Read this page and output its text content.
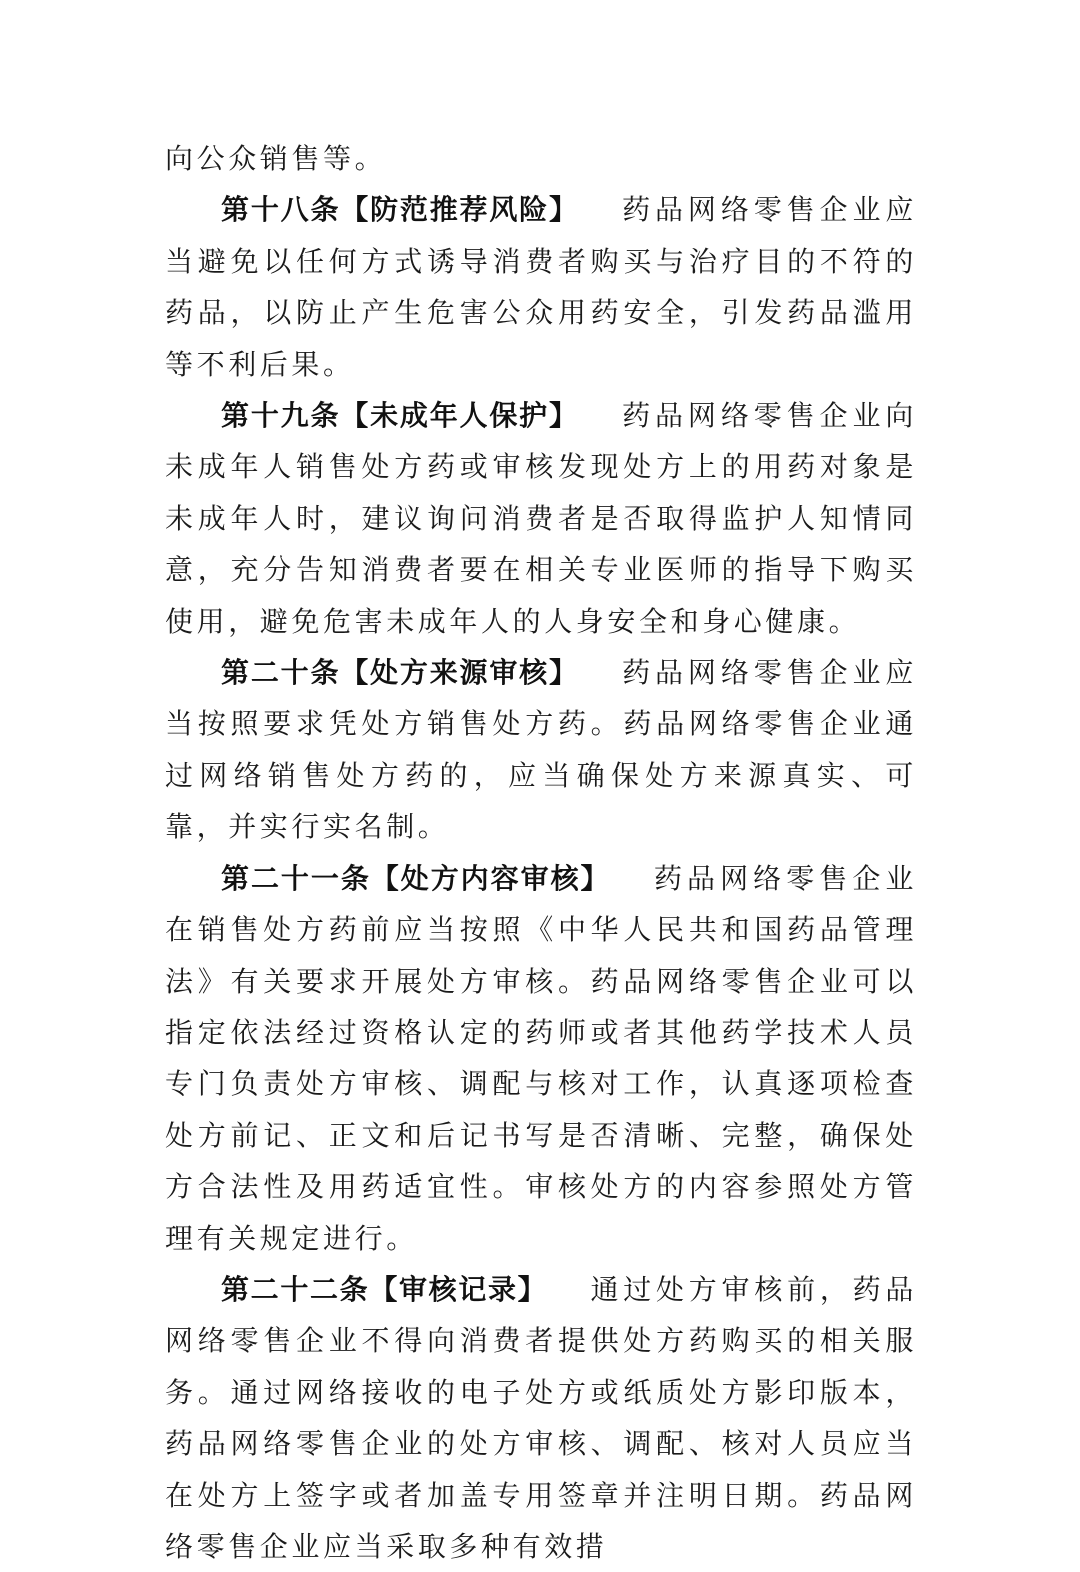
向公众销售等。

第十八条【防范推荐风险】 药品网络零售企业应当避免以任何方式诱导消费者购买与治疗目的不符的药品，以防止产生危害公众用药安全，引发药品滥用等不利后果。

第十九条【未成年人保护】 药品网络零售企业向未成年人销售处方药或审核发现处方上的用药对象是未成年人时，建议询问消费者是否取得监护人知情同意，充分告知消费者要在相关专业医师的指导下购买使用，避免危害未成年人的人身安全和身心健康。

第二十条【处方来源审核】 药品网络零售企业应当按照要求凭处方销售处方药。药品网络零售企业通过网络销售处方药的，应当确保处方来源真实、可靠，并实行实名制。

第二十一条【处方内容审核】 药品网络零售企业在销售处方药前应当按照《中华人民共和国药品管理法》有关要求开展处方审核。药品网络零售企业可以指定依法经过资格认定的药师或者其他药学技术人员专门负责处方审核、调配与核对工作，认真逐项检查处方前记、正文和后记书写是否清晰、完整，确保处方合法性及用药适宜性。审核处方的内容参照处方管理有关规定进行。

第二十二条【审核记录】 通过处方审核前，药品网络零售企业不得向消费者提供处方药购买的相关服务。通过网络接收的电子处方或纸质处方影印版本，药品网络零售企业的处方审核、调配、核对人员应当在处方上签字或者加盖专用签章并注明日期。药品网络零售企业应当采取多种有效措
